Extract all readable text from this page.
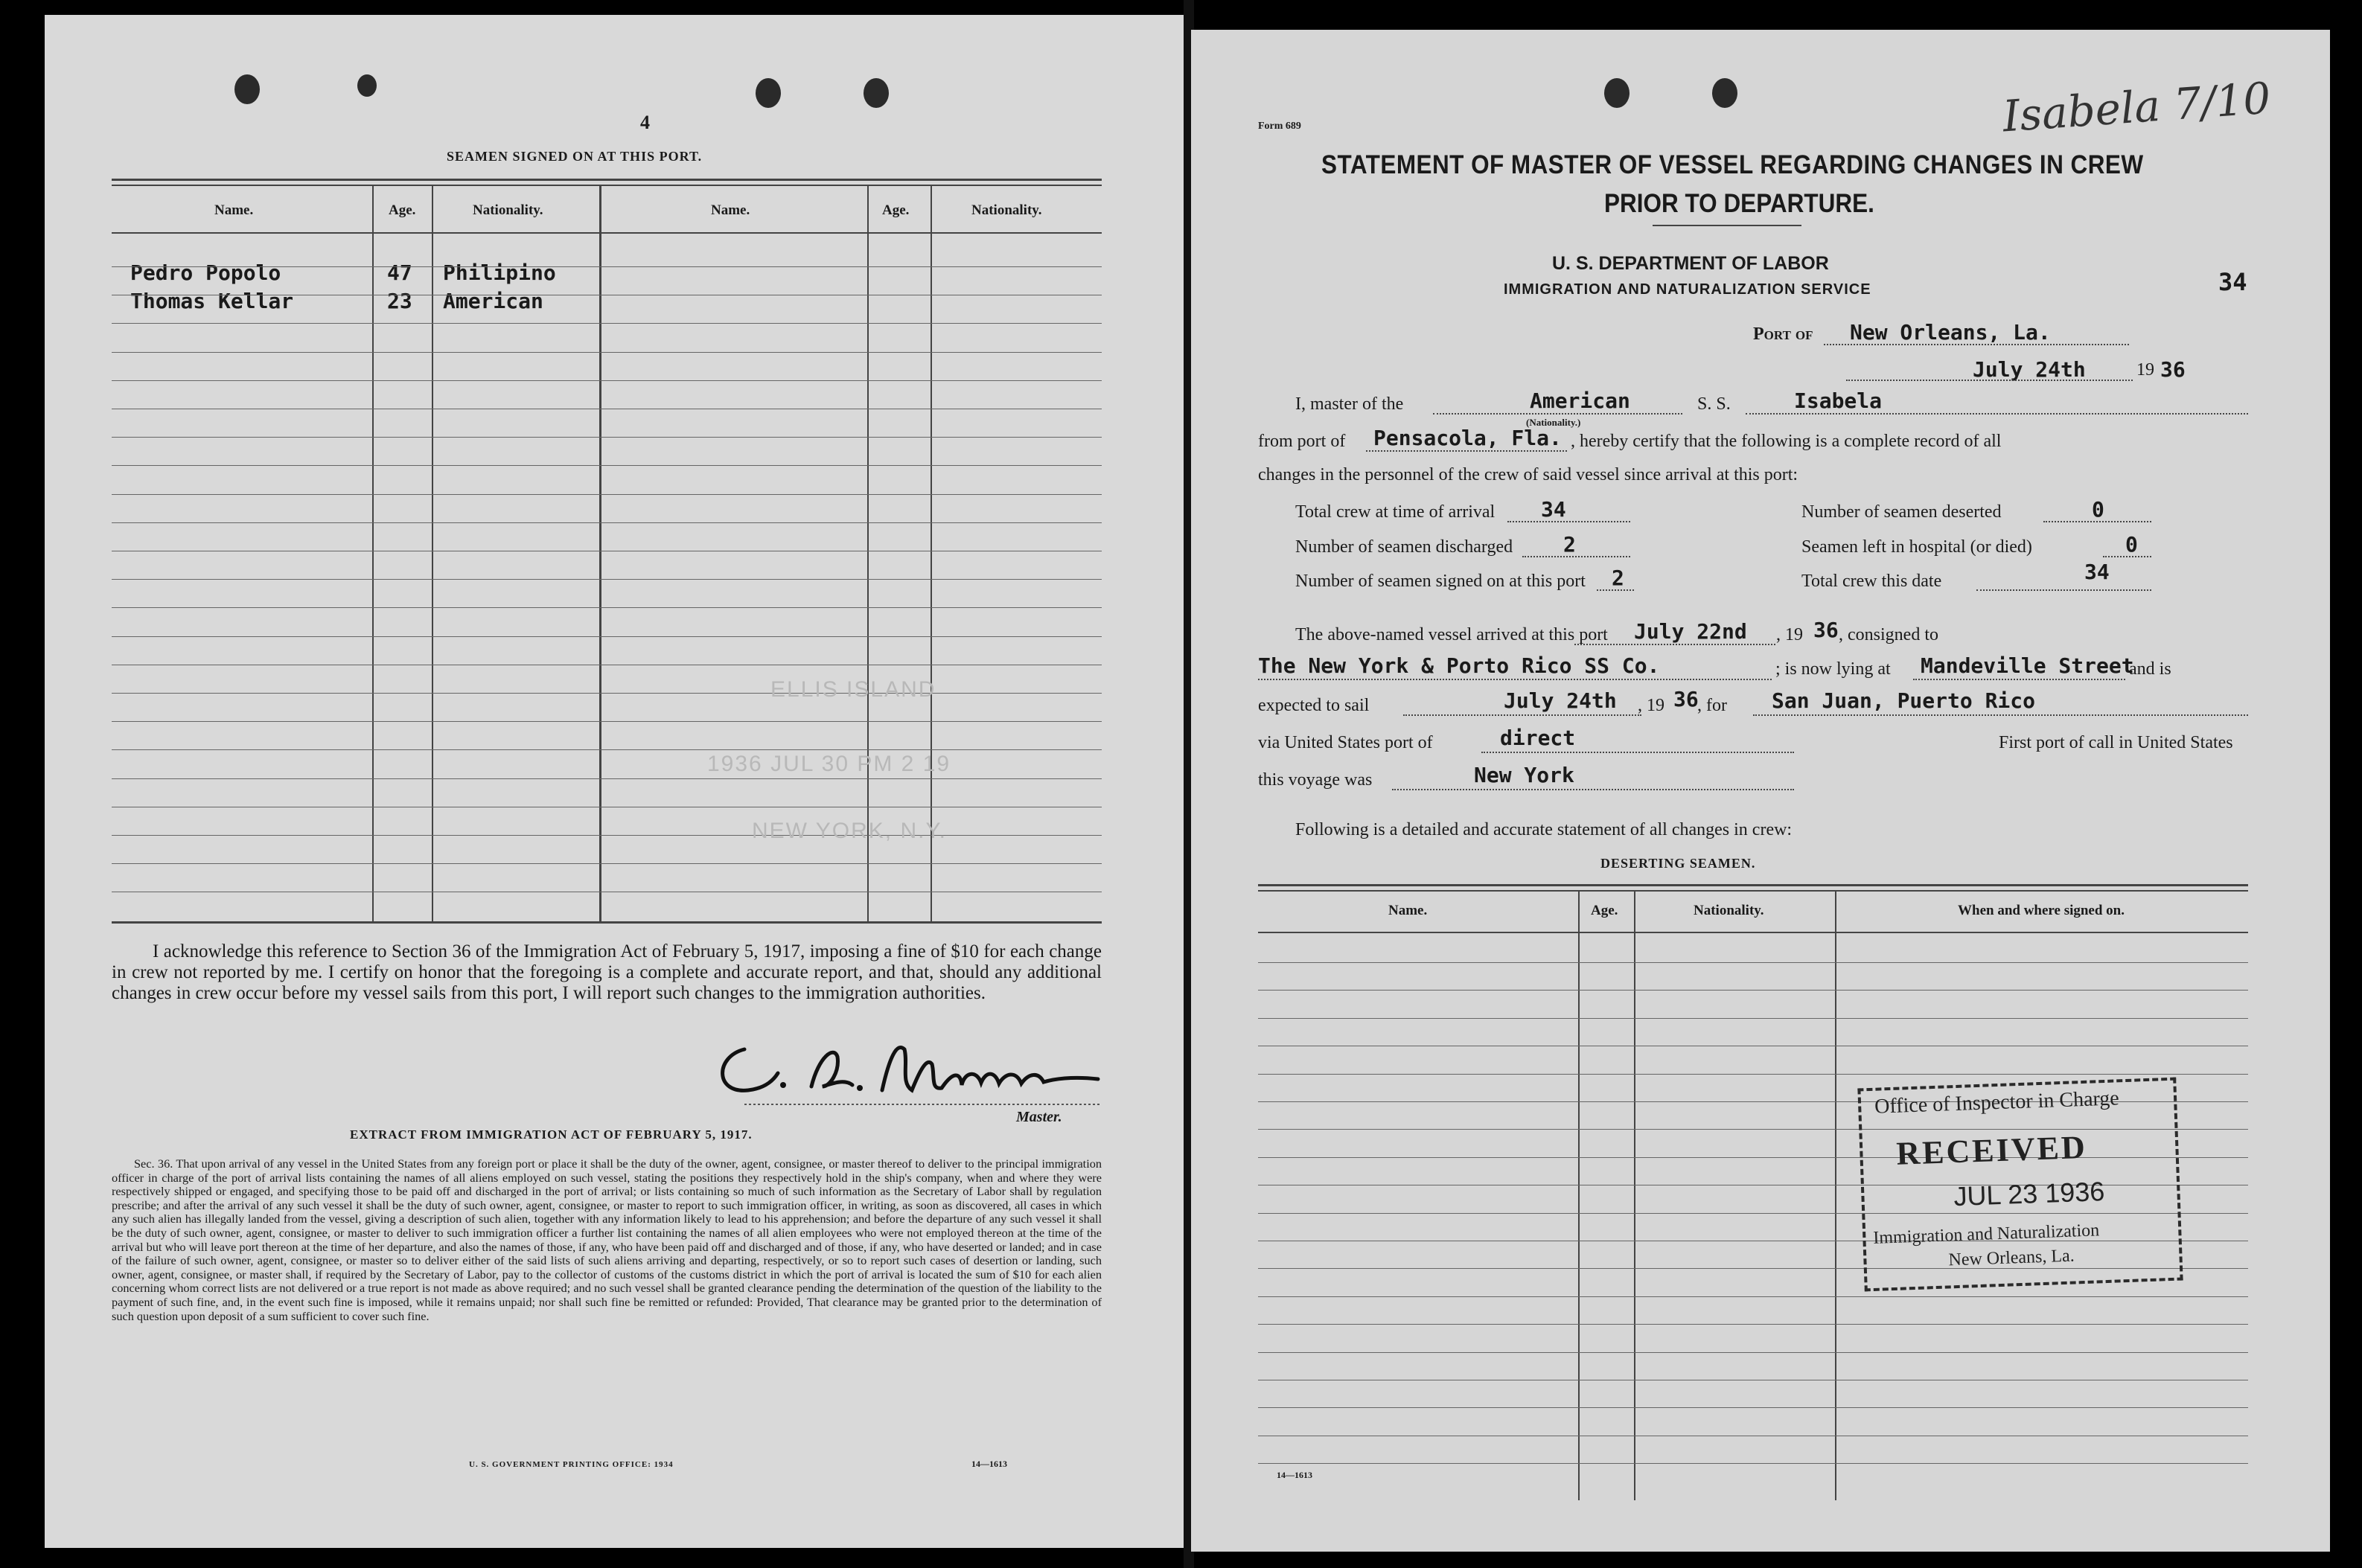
4
SEAMEN SIGNED ON AT THIS PORT.
Name.	Age.	Nationality.	Name.	Age.	Nationality.
Pedro Popolo	47 Philipino
Thomas Kellar	23 American
ELLIS ISLAND
1936 JUL 30 PM 2 19
NEW YORK, N.Y.
I acknowledge this reference to Section 36 of the Immigration Act of February 5, 1917, imposing a fine of $10 for each change in crew not reported by me. I certify on honor that the foregoing is a complete and accurate report, and that, should any additional changes in crew occur before my vessel sails from this port, I will report such changes to the immigration authorities.
Master.
EXTRACT FROM IMMIGRATION ACT OF FEBRUARY 5, 1917.
Sec. 36. That upon arrival of any vessel in the United States from any foreign port or place it shall be the duty of the owner, agent, consignee, or master thereof to deliver to the principal immigration officer in charge of the port of arrival lists containing the names of all aliens employed on such vessel, stating the positions they respectively hold in the ship's company, when and where they were respectively shipped or engaged, and specifying those to be paid off and discharged in the port of arrival; or lists containing so much of such information as the Secretary of Labor shall by regulation prescribe; and after the arrival of any such vessel it shall be the duty of such owner, agent, consignee, or master to report to such immigration officer, in writing, as soon as discovered, all cases in which any such alien has illegally landed from the vessel, giving a description of such alien, together with any information likely to lead to his apprehension; and before the departure of any such vessel it shall be the duty of such owner, agent, consignee, or master to deliver to such immigration officer a further list containing the names of all alien employees who were not employed thereon at the time of the arrival but who will leave port thereon at the time of her departure, and also the names of those, if any, who have been paid off and discharged and of those, if any, who have deserted or landed; and in case of the failure of such owner, agent, consignee, or master so to deliver either of the said lists of such aliens arriving and departing, respectively, or so to report such cases of desertion or landing, such owner, agent, consignee, or master shall, if required by the Secretary of Labor, pay to the collector of customs of the customs district in which the port of arrival is located the sum of $10 for each alien concerning whom correct lists are not delivered or a true report is not made as above required; and no such vessel shall be granted clearance pending the determination of the question of the liability to the payment of such fine, and, in the event such fine is imposed, while it remains unpaid; nor shall such fine be remitted or refunded: Provided, That clearance may be granted prior to the determination of such question upon deposit of a sum sufficient to cover such fine.
U. S. GOVERNMENT PRINTING OFFICE: 1934	14—1613
Isabela 7/10
Form 689
STATEMENT OF MASTER OF VESSEL REGARDING CHANGES IN CREW
PRIOR TO DEPARTURE.
34
U. S. DEPARTMENT OF LABOR
IMMIGRATION AND NATURALIZATION SERVICE
Port of New Orleans, La.
July 24th	19 36
I, master of the	American
(Nationality.)
S. S.	Isabela
from port of Pensacola, Fla. , hereby certify that the following is a complete record of all
changes in the personnel of the crew of said vessel since arrival at this port:
Total crew at time of arrival 34	Number of seamen deserted	0
Number of seamen discharged 2	Seamen left in hospital (or died)	0
Number of seamen signed on at this port 2	Total crew this date	34
The above-named vessel arrived at this port July 22nd , 19 36 , consigned to
The New York & Porto Rico SS Co.	; is now lying at Mandeville Street
and is
expected to sail	July 24th , 19 36
, for San Juan, Puerto Rico
via United States port of	direct	First port of call in United States
this voyage was	New York
Following is a detailed and accurate statement of all changes in crew:
DESERTING SEAMEN.
Name.	Age.	Nationality.	When and where signed on.
Office of Inspector in Charge
RECEIVED
JUL 23 1936
Immigration and Naturalization
New Orleans, La.
14—1613
